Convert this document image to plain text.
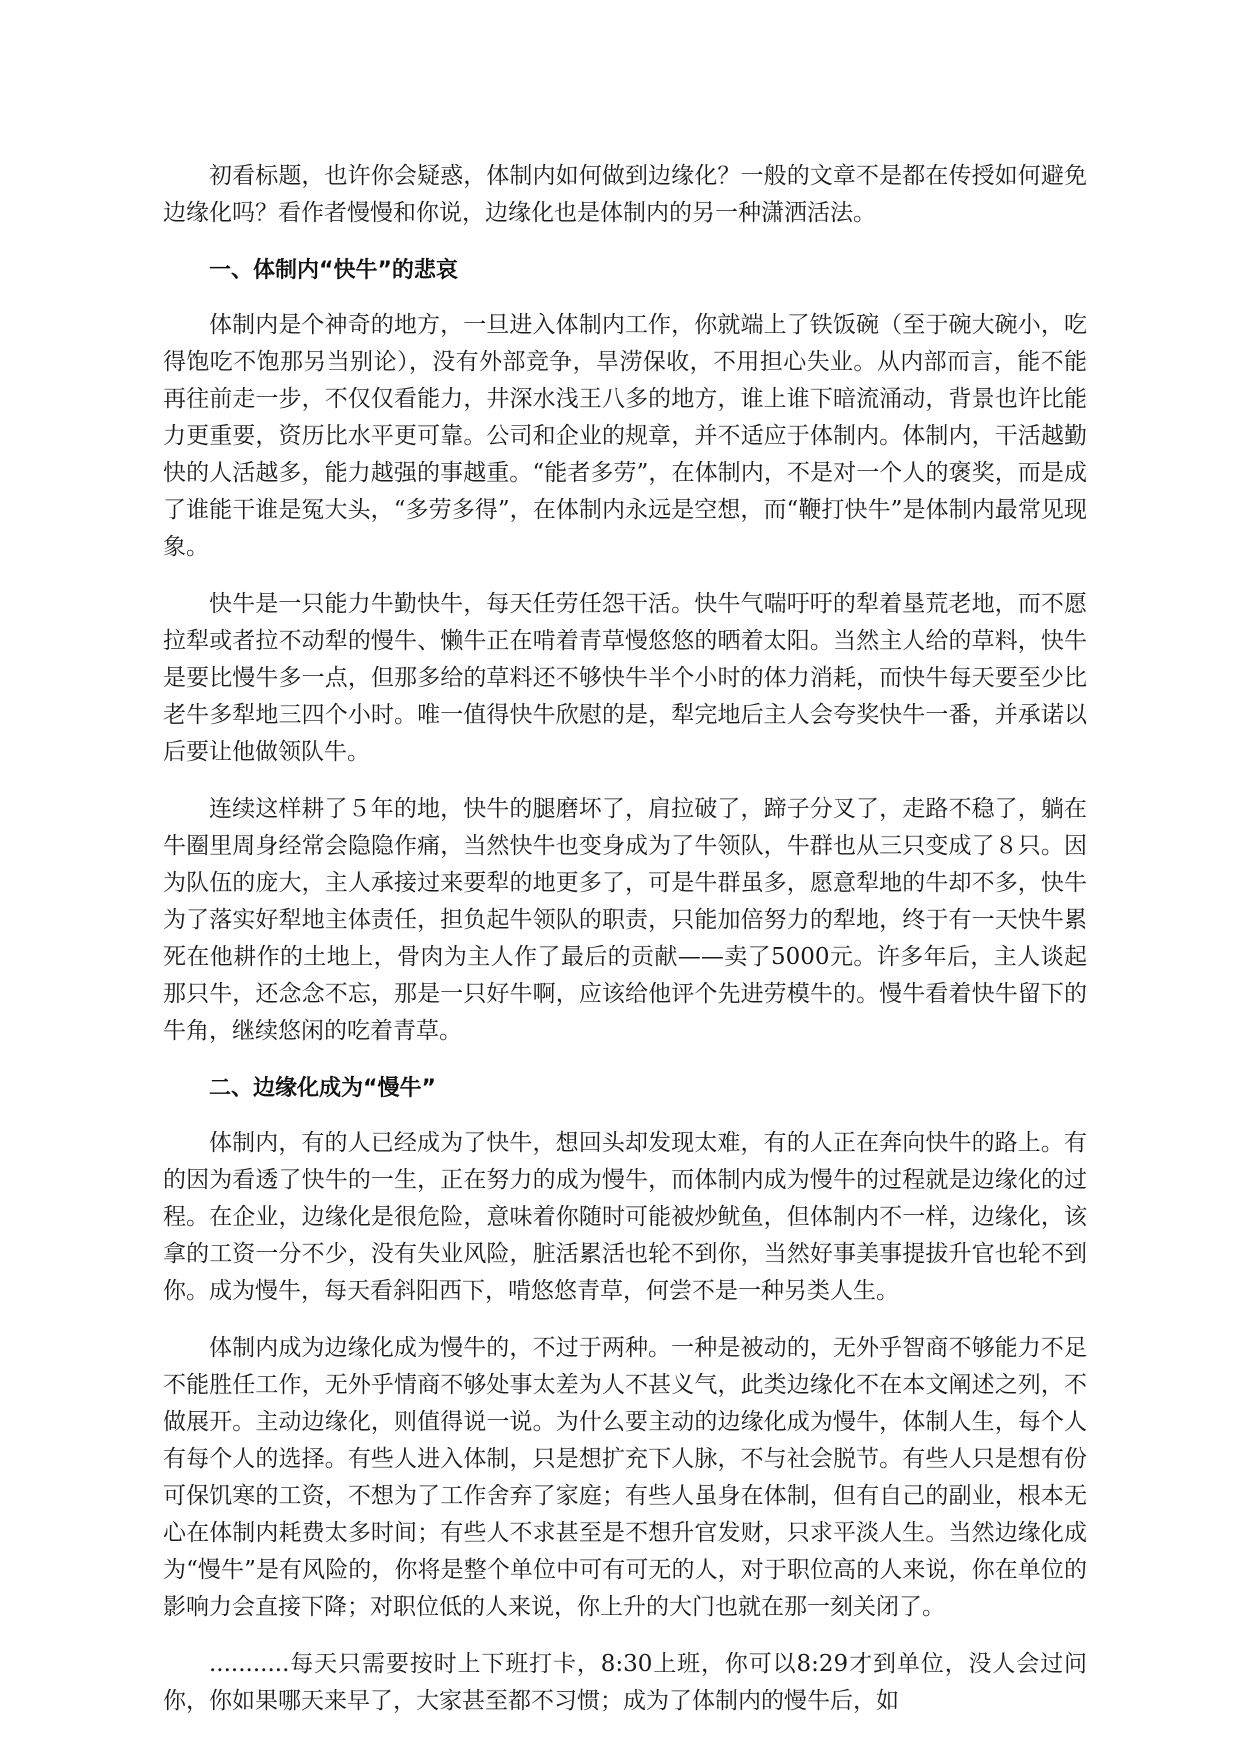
初看标题，也许你会疑惑，体制内如何做到边缘化？一般的文章不是都在传授如何避免边缘化吗？看作者慢慢和你说，边缘化也是体制内的另一种潇洒活法。

一、体制内“快牛”的悲哀

体制内是个神奇的地方，一旦进入体制内工作，你就端上了铁饭碗（至于碗大碗小，吃得饱吃不饱那另当别论），没有外部竞争，旱涝保收，不用担心失业。从内部而言，能不能再往前走一步，不仅仅看能力，井深水浅王八多的地方，谁上谁下暗流涌动，背景也许比能力更重要，资历比水平更可靠。公司和企业的规章，并不适应于体制内。体制内，干活越勤快的人活越多，能力越强的事越重。“能者多劳”，在体制内，不是对一个人的褒奖，而是成了谁能干谁是冤大头，“多劳多得”，在体制内永远是空想，而“鞭打快牛”是体制内最常见现象。

快牛是一只能力牛勤快牛，每天任劳任怨干活。快牛气喘吁吁的犁着垦荒老地，而不愿拉犁或者拉不动犁的慢牛、懒牛正在啃着青草慢悠悠的晒着太阳。当然主人给的草料，快牛是要比慢牛多一点，但那多给的草料还不够快牛半个小时的体力消耗，而快牛每天要至少比老牛多犁地三四个小时。唯一值得快牛欣慰的是，犁完地后主人会夸奖快牛一番，并承诺以后要让他做领队牛。

连续这样耕了５年的地，快牛的腿磨坏了，肩拉破了，蹄子分叉了，走路不稳了，躺在牛圈里周身经常会隐隐作痛，当然快牛也变身成为了牛领队，牛群也从三只变成了８只。因为队伍的庞大，主人承接过来要犁的地更多了，可是牛群虽多，愿意犁地的牛却不多，快牛为了落实好犁地主体责任，担负起牛领队的职责，只能加倍努力的犁地，终于有一天快牛累死在他耕作的土地上，骨肉为主人作了最后的贡献——卖了5000元。许多年后，主人谈起那只牛，还念念不忘，那是一只好牛啊，应该给他评个先进劳模牛的。慢牛看着快牛留下的牛角，继续悠闲的吃着青草。

二、边缘化成为“慢牛”

体制内，有的人已经成为了快牛，想回头却发现太难，有的人正在奔向快牛的路上。有的因为看透了快牛的一生，正在努力的成为慢牛，而体制内成为慢牛的过程就是边缘化的过程。在企业，边缘化是很危险，意味着你随时可能被炒鱿鱼，但体制内不一样，边缘化，该拿的工资一分不少，没有失业风险，脏活累活也轮不到你，当然好事美事提拔升官也轮不到你。成为慢牛，每天看斜阳西下，啃悠悠青草，何尝不是一种另类人生。

体制内成为边缘化成为慢牛的，不过于两种。一种是被动的，无外乎智商不够能力不足不能胜任工作，无外乎情商不够处事太差为人不甚义气，此类边缘化不在本文阐述之列，不做展开。主动边缘化，则值得说一说。为什么要主动的边缘化成为慢牛，体制人生，每个人有每个人的选择。有些人进入体制，只是想扩充下人脉，不与社会脱节。有些人只是想有份可保饥寒的工资，不想为了工作舍弃了家庭；有些人虽身在体制，但有自己的副业，根本无心在体制内耗费太多时间；有些人不求甚至是不想升官发财，只求平淡人生。当然边缘化成为“慢牛”是有风险的，你将是整个单位中可有可无的人，对于职位高的人来说，你在单位的影响力会直接下降；对职位低的人来说，你上升的大门也就在那一刻关闭了。

...........每天只需要按时上下班打卡，8:30上班，你可以8:29才到单位，没人会过问你，你如果哪天来早了，大家甚至都不习惯；成为了体制内的慢牛后，如
